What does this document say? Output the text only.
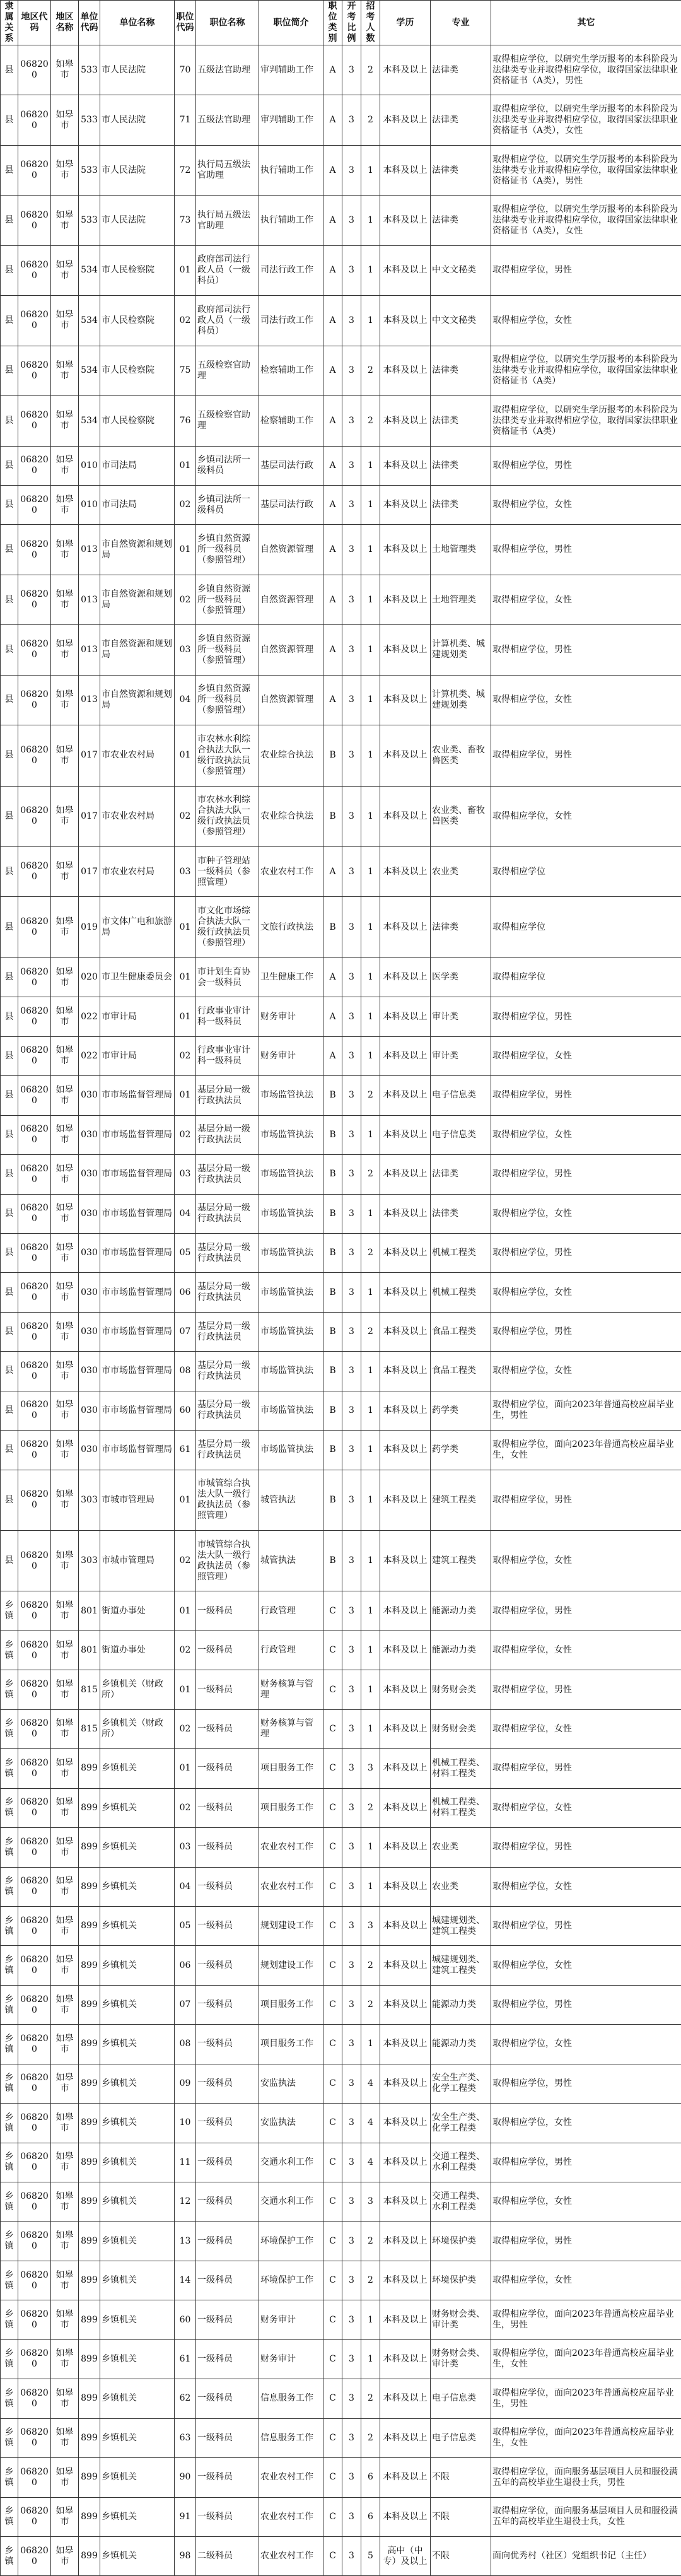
隶属关系	地区代码	地区名称	单位代码	单位名称	职位代码	职位名称	职位简介	职位类别	开考比例	招考人数	学历	专业	其它
县	068200	如皋市	533	市人民法院	70	五级法官助理	审判辅助工作	A	3	2	本科及以上	法律类	取得相应学位，以研究生学历报考的本科阶段为法律类专业并取得相应学位，取得国家法律职业资格证书（A类），男性
县	068200	如皋市	533	市人民法院	71	五级法官助理	审判辅助工作	A	3	2	本科及以上	法律类	取得相应学位，以研究生学历报考的本科阶段为法律类专业并取得相应学位，取得国家法律职业资格证书（A类），女性
县	068200	如皋市	533	市人民法院	72	执行局五级法官助理	执行辅助工作	A	3	1	本科及以上	法律类	取得相应学位，以研究生学历报考的本科阶段为法律类专业并取得相应学位，取得国家法律职业资格证书（A类），男性
县	068200	如皋市	533	市人民法院	73	执行局五级法官助理	执行辅助工作	A	3	1	本科及以上	法律类	取得相应学位，以研究生学历报考的本科阶段为法律类专业并取得相应学位，取得国家法律职业资格证书（A类），女性
县	068200	如皋市	534	市人民检察院	01	政府部司法行政人员（一级科员）	司法行政工作	A	3	1	本科及以上	中文文秘类	取得相应学位，男性
县	068200	如皋市	534	市人民检察院	02	政府部司法行政人员（一级科员）	司法行政工作	A	3	1	本科及以上	中文文秘类	取得相应学位，女性
县	068200	如皋市	534	市人民检察院	75	五级检察官助理	检察辅助工作	A	3	2	本科及以上	法律类	取得相应学位，以研究生学历报考的本科阶段为法律类专业并取得相应学位，取得国家法律职业资格证书（A类）
县	068200	如皋市	534	市人民检察院	76	五级检察官助理	检察辅助工作	A	3	2	本科及以上	法律类	取得相应学位，以研究生学历报考的本科阶段为法律类专业并取得相应学位，取得国家法律职业资格证书（A类）
县	068200	如皋市	010	市司法局	01	乡镇司法所一级科员	基层司法行政	A	3	1	本科及以上	法律类	取得相应学位，男性
县	068200	如皋市	010	市司法局	02	乡镇司法所一级科员	基层司法行政	A	3	1	本科及以上	法律类	取得相应学位，女性
县	068200	如皋市	013	市自然资源和规划局	01	乡镇自然资源所一级科员（参照管理）	自然资源管理	A	3	1	本科及以上	土地管理类	取得相应学位，男性
县	068200	如皋市	013	市自然资源和规划局	02	乡镇自然资源所一级科员（参照管理）	自然资源管理	A	3	1	本科及以上	土地管理类	取得相应学位，女性
县	068200	如皋市	013	市自然资源和规划局	03	乡镇自然资源所一级科员（参照管理）	自然资源管理	A	3	1	本科及以上	计算机类、城建规划类	取得相应学位，男性
县	068200	如皋市	013	市自然资源和规划局	04	乡镇自然资源所一级科员（参照管理）	自然资源管理	A	3	1	本科及以上	计算机类、城建规划类	取得相应学位，女性
县	068200	如皋市	017	市农业农村局	01	市农林水利综合执法大队一级行政执法员（参照管理）	农业综合执法	B	3	1	本科及以上	农业类、畜牧兽医类	取得相应学位，男性
县	068200	如皋市	017	市农业农村局	02	市农林水利综合执法大队一级行政执法员（参照管理）	农业综合执法	B	3	1	本科及以上	农业类、畜牧兽医类	取得相应学位，女性
县	068200	如皋市	017	市农业农村局	03	市种子管理站一级科员（参照管理）	农业农村工作	A	3	1	本科及以上	农业类	取得相应学位
县	068200	如皋市	019	市文体广电和旅游局	01	市文化市场综合执法大队一级行政执法员（参照管理）	文旅行政执法	B	3	1	本科及以上	法律类	取得相应学位
县	068200	如皋市	020	市卫生健康委员会	01	市计划生育协会一级科员	卫生健康工作	A	3	1	本科及以上	医学类	取得相应学位
县	068200	如皋市	022	市审计局	01	行政事业审计科一级科员	财务审计	A	3	1	本科及以上	审计类	取得相应学位，男性
县	068200	如皋市	022	市审计局	02	行政事业审计科一级科员	财务审计	A	3	1	本科及以上	审计类	取得相应学位，女性
县	068200	如皋市	030	市市场监督管理局	01	基层分局一级行政执法员	市场监管执法	B	3	2	本科及以上	电子信息类	取得相应学位，男性
县	068200	如皋市	030	市市场监督管理局	02	基层分局一级行政执法员	市场监管执法	B	3	1	本科及以上	电子信息类	取得相应学位，女性
县	068200	如皋市	030	市市场监督管理局	03	基层分局一级行政执法员	市场监管执法	B	3	2	本科及以上	法律类	取得相应学位，男性
县	068200	如皋市	030	市市场监督管理局	04	基层分局一级行政执法员	市场监管执法	B	3	1	本科及以上	法律类	取得相应学位，女性
县	068200	如皋市	030	市市场监督管理局	05	基层分局一级行政执法员	市场监管执法	B	3	2	本科及以上	机械工程类	取得相应学位，男性
县	068200	如皋市	030	市市场监督管理局	06	基层分局一级行政执法员	市场监管执法	B	3	1	本科及以上	机械工程类	取得相应学位，女性
县	068200	如皋市	030	市市场监督管理局	07	基层分局一级行政执法员	市场监管执法	B	3	2	本科及以上	食品工程类	取得相应学位，男性
县	068200	如皋市	030	市市场监督管理局	08	基层分局一级行政执法员	市场监管执法	B	3	1	本科及以上	食品工程类	取得相应学位，女性
县	068200	如皋市	030	市市场监督管理局	60	基层分局一级行政执法员	市场监管执法	B	3	1	本科及以上	药学类	取得相应学位，面向2023年普通高校应届毕业生，男性
县	068200	如皋市	030	市市场监督管理局	61	基层分局一级行政执法员	市场监管执法	B	3	1	本科及以上	药学类	取得相应学位，面向2023年普通高校应届毕业生，女性
县	068200	如皋市	303	市城市管理局	01	市城管综合执法大队一级行政执法员（参照管理）	城管执法	B	3	1	本科及以上	建筑工程类	取得相应学位，男性
县	068200	如皋市	303	市城市管理局	02	市城管综合执法大队一级行政执法员（参照管理）	城管执法	B	3	1	本科及以上	建筑工程类	取得相应学位，女性
乡镇	068200	如皋市	801	街道办事处	01	一级科员	行政管理	C	3	1	本科及以上	能源动力类	取得相应学位，男性
乡镇	068200	如皋市	801	街道办事处	02	一级科员	行政管理	C	3	1	本科及以上	能源动力类	取得相应学位，女性
乡镇	068200	如皋市	815	乡镇机关（财政所）	01	一级科员	财务核算与管理	C	3	1	本科及以上	财务财会类	取得相应学位，男性
乡镇	068200	如皋市	815	乡镇机关（财政所）	02	一级科员	财务核算与管理	C	3	1	本科及以上	财务财会类	取得相应学位，女性
乡镇	068200	如皋市	899	乡镇机关	01	一级科员	项目服务工作	C	3	3	本科及以上	机械工程类、材料工程类	取得相应学位，男性
乡镇	068200	如皋市	899	乡镇机关	02	一级科员	项目服务工作	C	3	2	本科及以上	机械工程类、材料工程类	取得相应学位，女性
乡镇	068200	如皋市	899	乡镇机关	03	一级科员	农业农村工作	C	3	1	本科及以上	农业类	取得相应学位，男性
乡镇	068200	如皋市	899	乡镇机关	04	一级科员	农业农村工作	C	3	1	本科及以上	农业类	取得相应学位，女性
乡镇	068200	如皋市	899	乡镇机关	05	一级科员	规划建设工作	C	3	3	本科及以上	城建规划类、建筑工程类	取得相应学位，男性
乡镇	068200	如皋市	899	乡镇机关	06	一级科员	规划建设工作	C	3	2	本科及以上	城建规划类、建筑工程类	取得相应学位，女性
乡镇	068200	如皋市	899	乡镇机关	07	一级科员	项目服务工作	C	3	2	本科及以上	能源动力类	取得相应学位，男性
乡镇	068200	如皋市	899	乡镇机关	08	一级科员	项目服务工作	C	3	1	本科及以上	能源动力类	取得相应学位，女性
乡镇	068200	如皋市	899	乡镇机关	09	一级科员	安监执法	C	3	4	本科及以上	安全生产类、化学工程类	取得相应学位，男性
乡镇	068200	如皋市	899	乡镇机关	10	一级科员	安监执法	C	3	4	本科及以上	安全生产类、化学工程类	取得相应学位，女性
乡镇	068200	如皋市	899	乡镇机关	11	一级科员	交通水利工作	C	3	4	本科及以上	交通工程类、水利工程类	取得相应学位，男性
乡镇	068200	如皋市	899	乡镇机关	12	一级科员	交通水利工作	C	3	3	本科及以上	交通工程类、水利工程类	取得相应学位，女性
乡镇	068200	如皋市	899	乡镇机关	13	一级科员	环境保护工作	C	3	2	本科及以上	环境保护类	取得相应学位，男性
乡镇	068200	如皋市	899	乡镇机关	14	一级科员	环境保护工作	C	3	2	本科及以上	环境保护类	取得相应学位，女性
乡镇	068200	如皋市	899	乡镇机关	60	一级科员	财务审计	C	3	1	本科及以上	财务财会类、审计类	取得相应学位，面向2023年普通高校应届毕业生，男性
乡镇	068200	如皋市	899	乡镇机关	61	一级科员	财务审计	C	3	1	本科及以上	财务财会类、审计类	取得相应学位，面向2023年普通高校应届毕业生，女性
乡镇	068200	如皋市	899	乡镇机关	62	一级科员	信息服务工作	C	3	2	本科及以上	电子信息类	取得相应学位，面向2023年普通高校应届毕业生，男性
乡镇	068200	如皋市	899	乡镇机关	63	一级科员	信息服务工作	C	3	2	本科及以上	电子信息类	取得相应学位，面向2023年普通高校应届毕业生，女性
乡镇	068200	如皋市	899	乡镇机关	90	一级科员	农业农村工作	C	3	6	本科及以上	不限	取得相应学位，面向服务基层项目人员和服役满五年的高校毕业生退役士兵，男性
乡镇	068200	如皋市	899	乡镇机关	91	一级科员	农业农村工作	C	3	6	本科及以上	不限	取得相应学位，面向服务基层项目人员和服役满五年的高校毕业生退役士兵，女性
乡镇	068200	如皋市	899	乡镇机关	98	二级科员	农业农村工作	C	3	5	高中（中专）及以上	不限	面向优秀村（社区）党组织书记（主任）
